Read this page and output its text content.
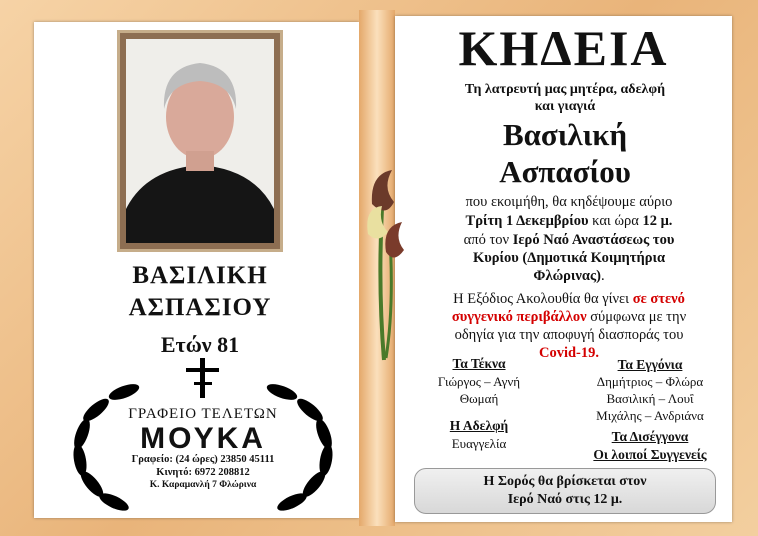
ΒΑΣΙΛΙΚΗ
ΑΣΠΑΣΙΟΥ
Ετών 81
ΓΡΑΦΕΙΟ ΤΕΛΕΤΩΝ
ΜΟΥΚΑ
Γραφείο: (24 ώρες) 23850 45111
Κινητό: 6972 208812
Κ. Καραμανλή 7 Φλώρινα
ΚΗΔΕΙΑ
Τη λατρευτή μας μητέρα, αδελφή
και γιαγιά
Βασιλική
Ασπασίου
που εκοιμήθη, θα κηδέψουμε αύριο
Τρίτη 1 Δεκεμβρίου και ώρα 12 μ.
από τον Ιερό Ναό Αναστάσεως του
Κυρίου (Δημοτικά Κοιμητήρια
Φλώρινας).
Η Εξόδιος Ακολουθία θα γίνει σε στενό
συγγενικό περιβάλλον σύμφωνα με την
οδηγία για την αποφυγή διασποράς του
Covid-19.
Τα Τέκνα
Γιώργος – Αγνή
Θωμαή
Τα Εγγόνια
Δημήτριος – Φλώρα
Βασιλική – Λουΐ
Μιχάλης – Ανδριάνα
Η Αδελφή
Ευαγγελία	Τα Δισέγγονα
Οι λοιποί Συγγενείς
Η Σορός θα βρίσκεται στον
Ιερό Ναό στις 12 μ.
